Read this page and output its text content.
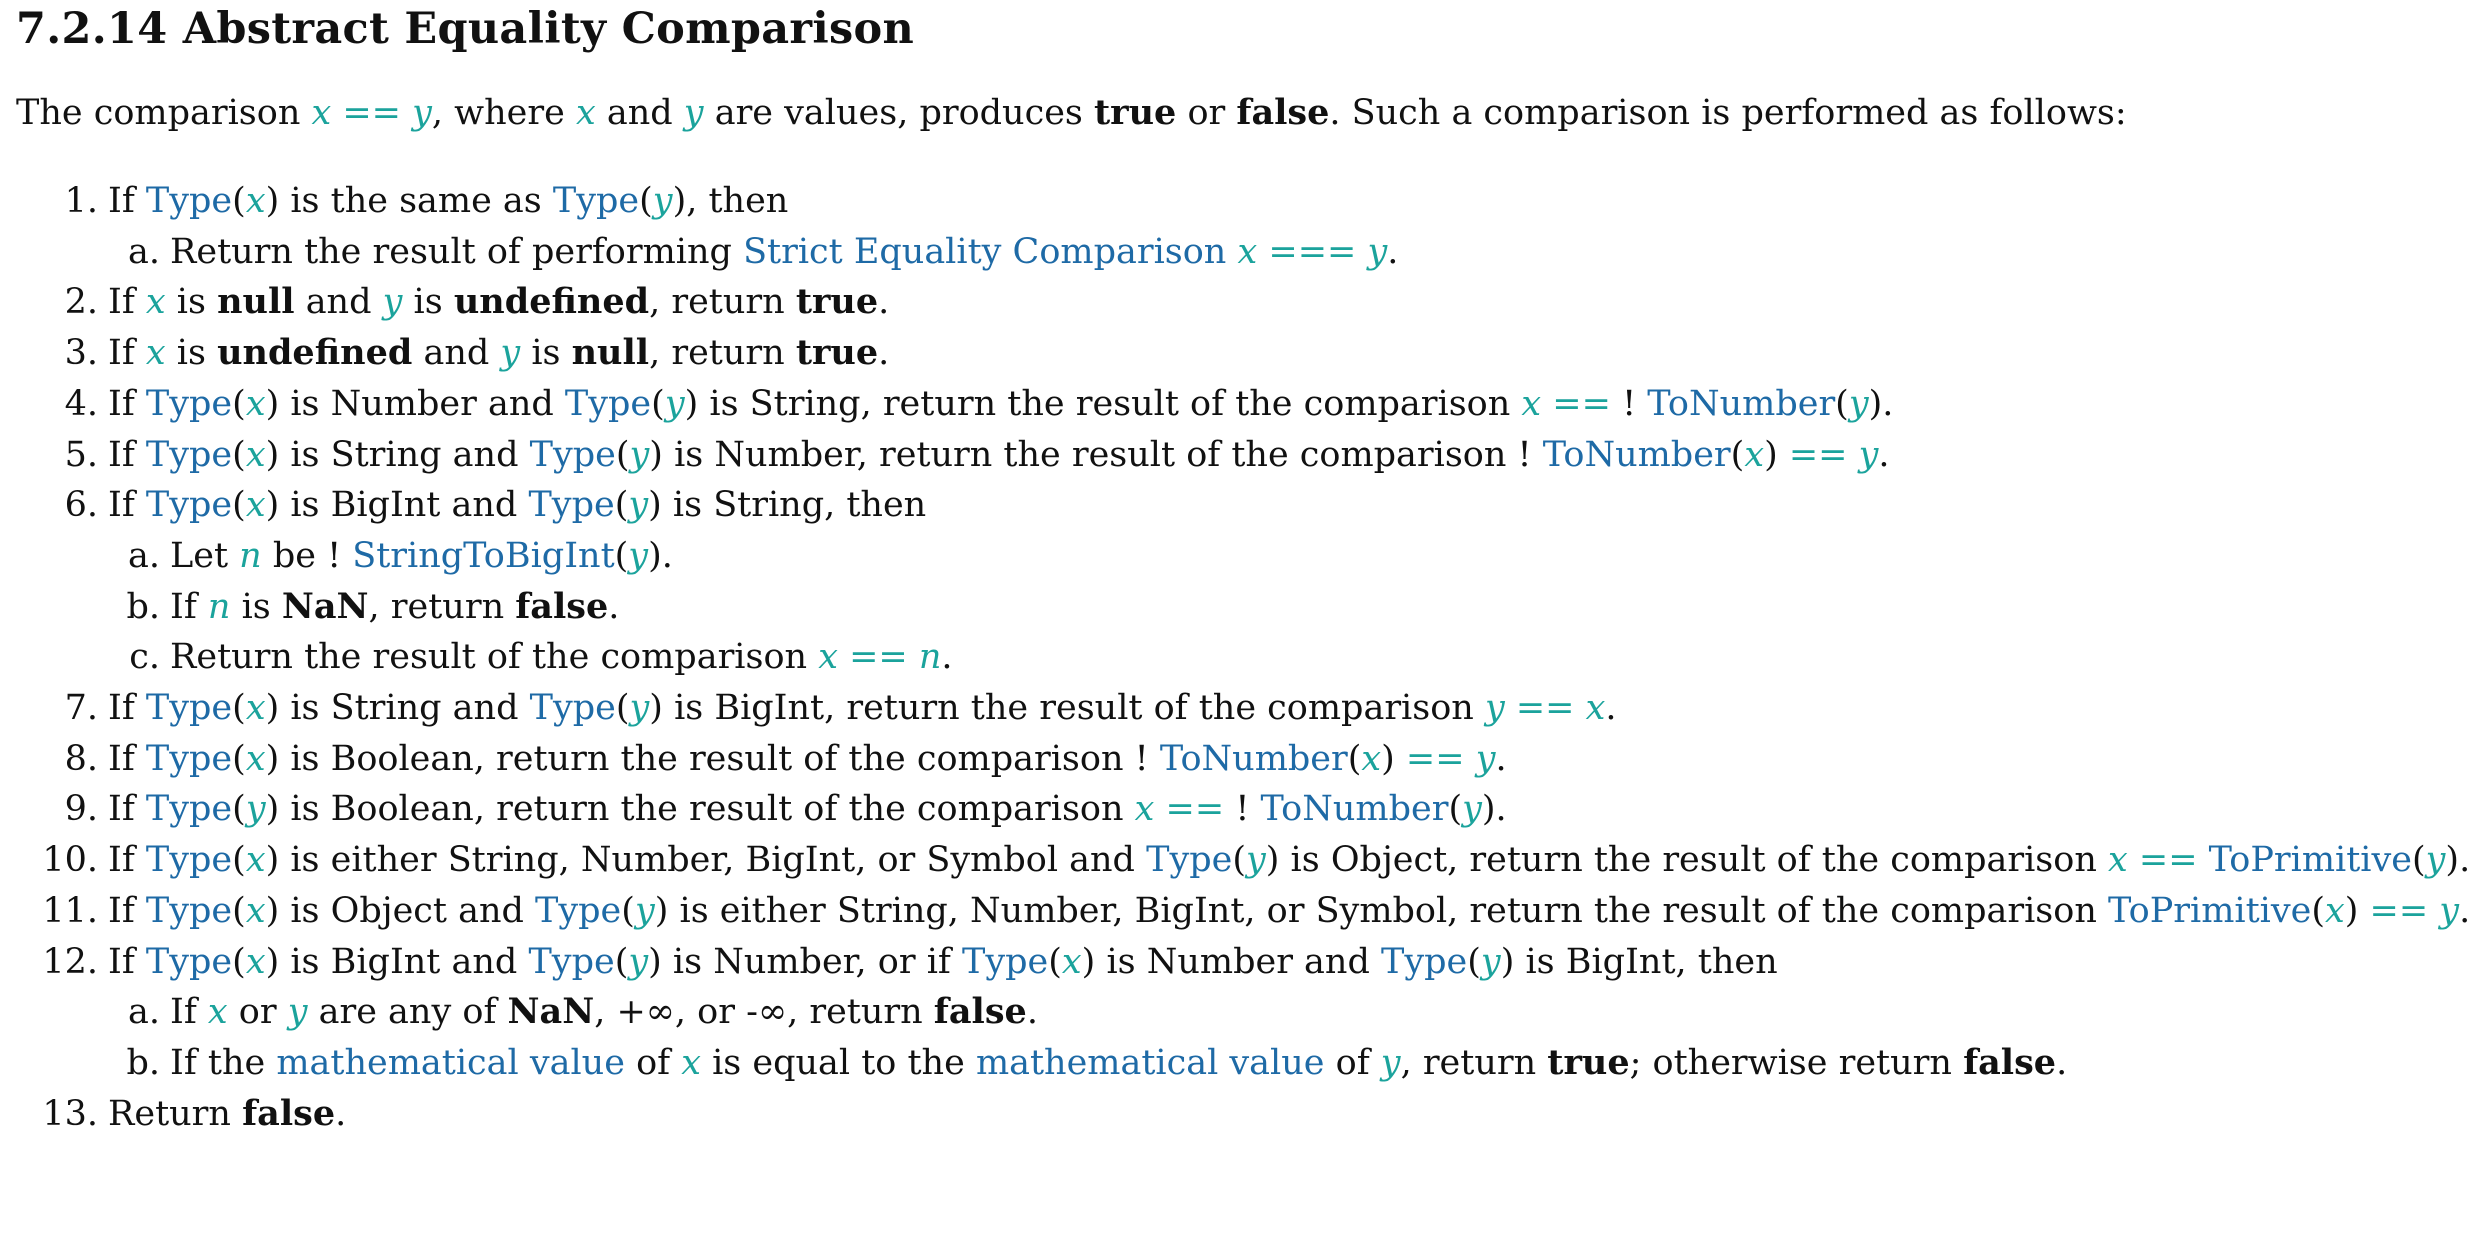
7.2.14 Abstract Equality Comparison

The comparison x == y, where x and y are values, produces true or false. Such a comparison is performed as follows:

1. If Type(x) is the same as Type(y), then
a. Return the result of performing Strict Equality Comparison x === y.
2. If x is null and y is undefined, return true.
3. If x is undefined and y is null, return true.
4. If Type(x) is Number and Type(y) is String, return the result of the comparison x == ! ToNumber(y).
5. If Type(x) is String and Type(y) is Number, return the result of the comparison ! ToNumber(x) == y.
6. If Type(x) is BigInt and Type(y) is String, then
a. Let n be ! StringToBigInt(y).
b. If n is NaN, return false.
c. Return the result of the comparison x == n.
7. If Type(x) is String and Type(y) is BigInt, return the result of the comparison y == x.
8. If Type(x) is Boolean, return the result of the comparison ! ToNumber(x) == y.
9. If Type(y) is Boolean, return the result of the comparison x == ! ToNumber(y).
10. If Type(x) is either String, Number, BigInt, or Symbol and Type(y) is Object, return the result of the comparison x == ToPrimitive(y).
11. If Type(x) is Object and Type(y) is either String, Number, BigInt, or Symbol, return the result of the comparison ToPrimitive(x) == y.
12. If Type(x) is BigInt and Type(y) is Number, or if Type(x) is Number and Type(y) is BigInt, then
a. If x or y are any of NaN, +∞, or -∞, return false.
b. If the mathematical value of x is equal to the mathematical value of y, return true; otherwise return false.
13. Return false.
